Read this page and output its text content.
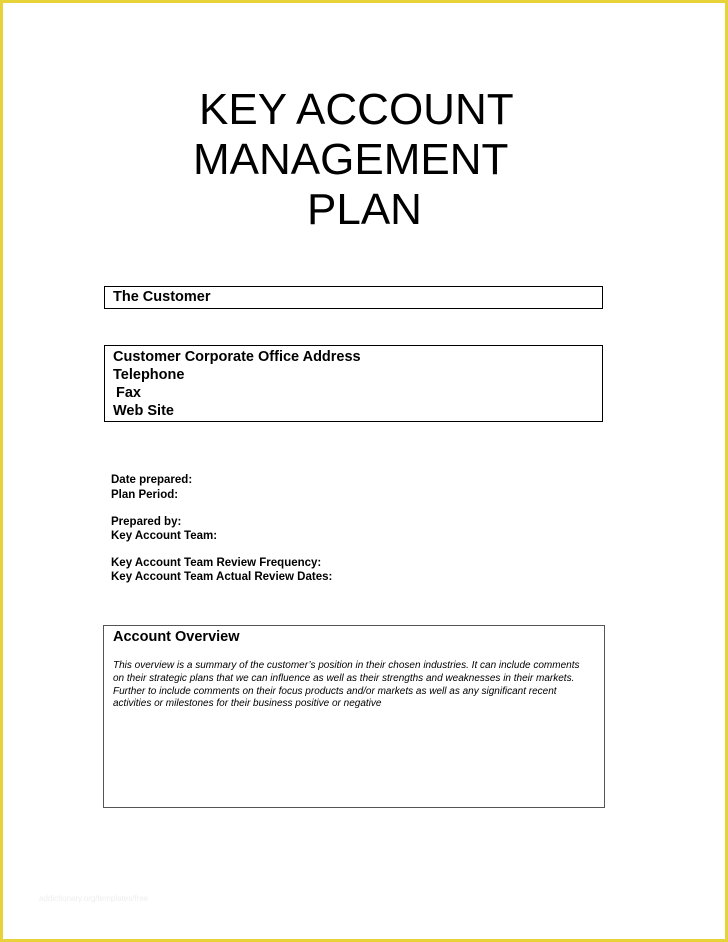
KEY ACCOUNT
MANAGEMENT
PLAN
The Customer
Customer Corporate Office Address
Telephone
Fax
Web Site
Date prepared:
Plan Period:
Prepared by:
Key Account Team:
Key Account Team Review Frequency:
Key Account Team Actual Review Dates:
Account Overview
This overview is a summary of the customer’s position in their chosen industries. It can include comments on their strategic plans that we can influence as well as their strengths and weaknesses in their markets. Further to include comments on their focus products and/or markets as well as any significant recent activities or milestones for their business positive or negative
addictionary.org/templates/free
